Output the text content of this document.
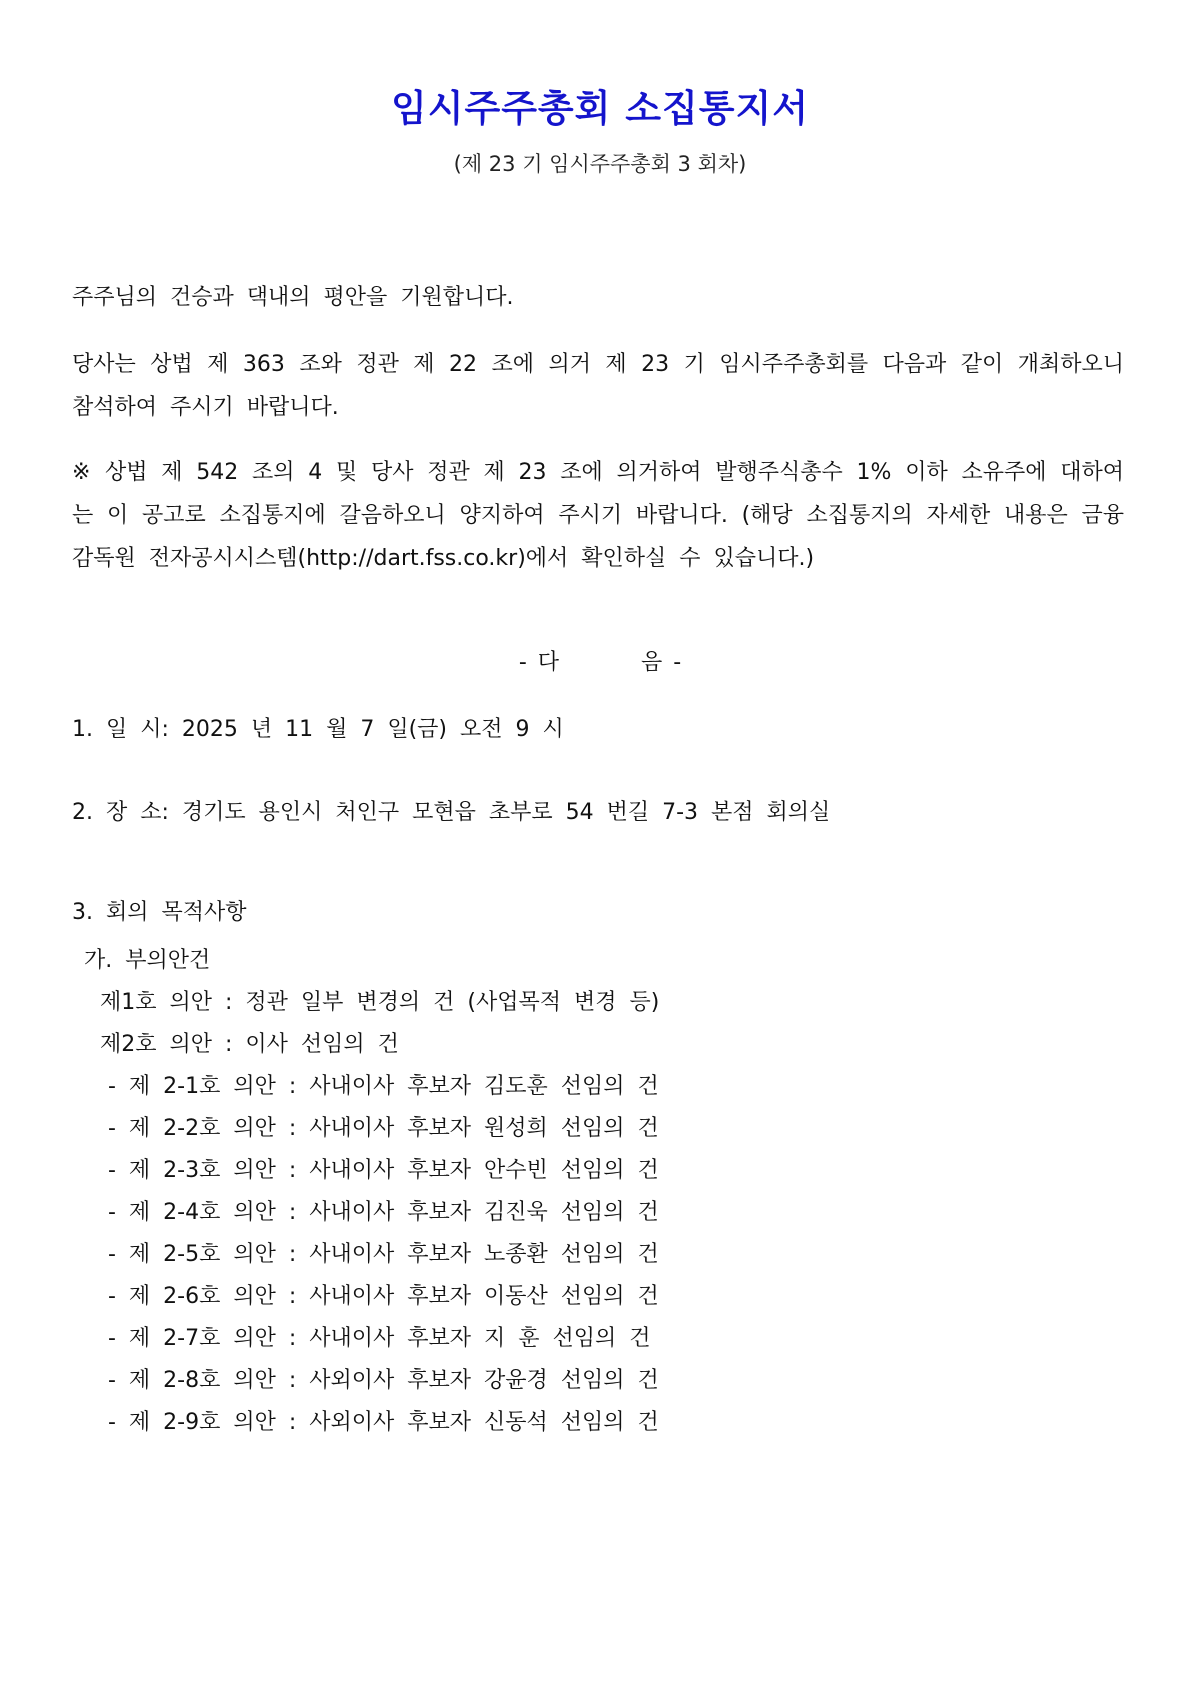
임시주주총회 소집통지서
(제 23 기 임시주주총회 3 회차)
주주님의 건승과 댁내의 평안을 기원합니다.
당사는 상법 제 363 조와 정관 제 22 조에 의거 제 23 기 임시주주총회를 다음과 같이 개최하오니 참석하여 주시기 바랍니다.
※ 상법 제 542 조의 4 및 당사 정관 제 23 조에 의거하여 발행주식총수 1% 이하 소유주에 대하여는 이 공고로 소집통지에 갈음하오니 양지하여 주시기 바랍니다. (해당 소집통지의 자세한 내용은 금융감독원 전자공시시스템(http://dart.fss.co.kr)에서 확인하실 수 있습니다.)
- 다	음 -
1. 일 시: 2025 년 11 월 7 일(금) 오전 9 시
2. 장 소: 경기도 용인시 처인구 모현읍 초부로 54 번길 7-3 본점 회의실
3. 회의 목적사항
가. 부의안건
제1호 의안 : 정관 일부 변경의 건 (사업목적 변경 등)
제2호 의안 : 이사 선임의 건
- 제 2-1호 의안 : 사내이사 후보자 김도훈 선임의 건
- 제 2-2호 의안 : 사내이사 후보자 원성희 선임의 건
- 제 2-3호 의안 : 사내이사 후보자 안수빈 선임의 건
- 제 2-4호 의안 : 사내이사 후보자 김진욱 선임의 건
- 제 2-5호 의안 : 사내이사 후보자 노종환 선임의 건
- 제 2-6호 의안 : 사내이사 후보자 이동산 선임의 건
- 제 2-7호 의안 : 사내이사 후보자 지 훈 선임의 건
- 제 2-8호 의안 : 사외이사 후보자 강윤경 선임의 건
- 제 2-9호 의안 : 사외이사 후보자 신동석 선임의 건
